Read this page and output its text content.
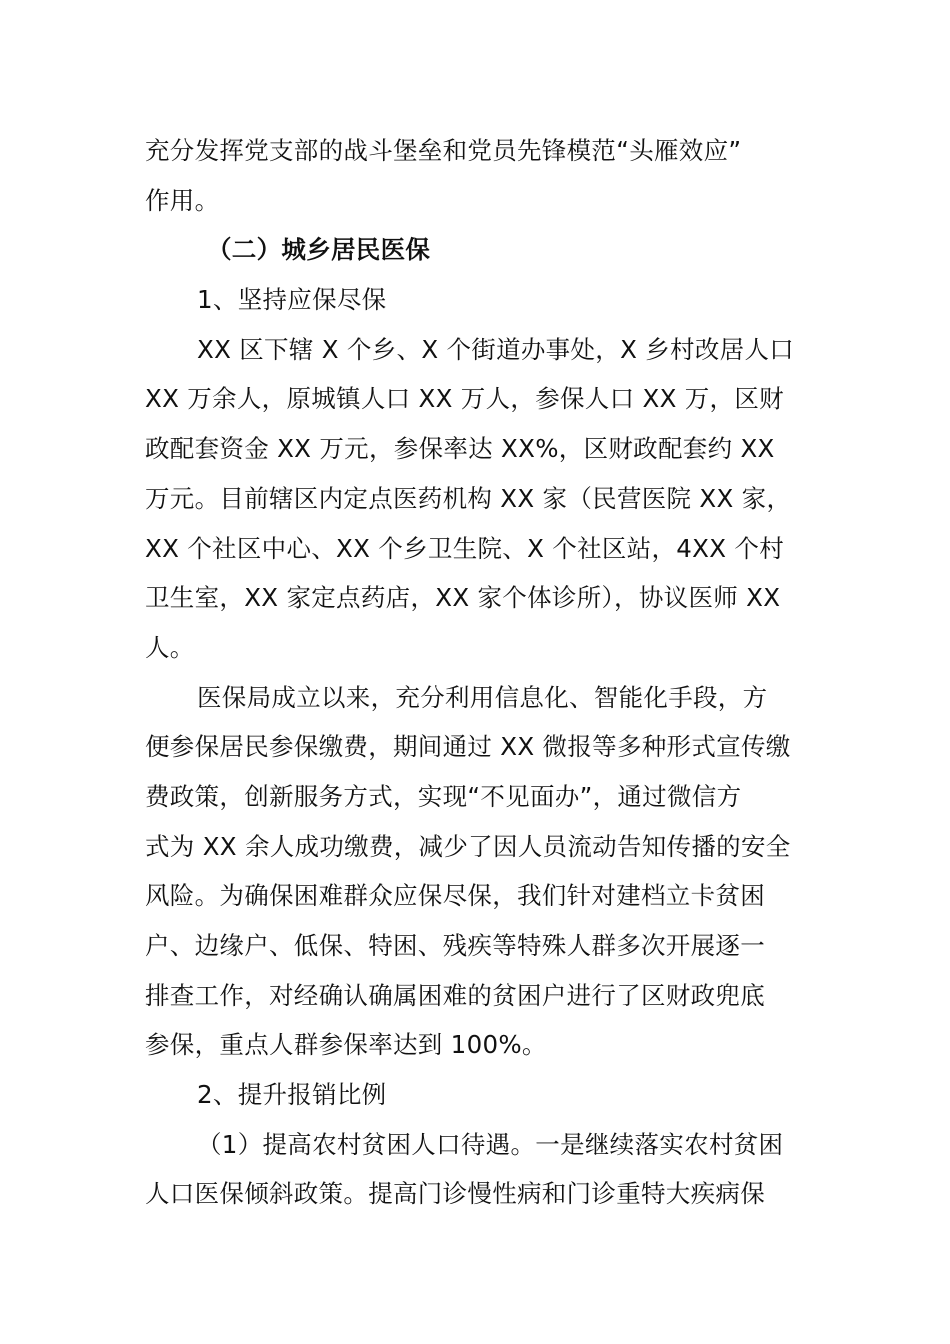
充分发挥党支部的战斗堡垒和党员先锋模范“头雁效应”
作用。
（二）城乡居民医保
1、坚持应保尽保
XX 区下辖 X 个乡、X 个街道办事处，X 乡村改居人口
XX 万余人，原城镇人口 XX 万人，参保人口 XX 万，区财
政配套资金 XX 万元，参保率达 XX%，区财政配套约 XX
万元。目前辖区内定点医药机构 XX 家（民营医院 XX 家，
XX 个社区中心、XX 个乡卫生院、X 个社区站，4XX 个村
卫生室，XX 家定点药店，XX 家个体诊所），协议医师 XX
人。
医保局成立以来，充分利用信息化、智能化手段，方
便参保居民参保缴费，期间通过 XX 微报等多种形式宣传缴
费政策，创新服务方式，实现“不见面办”，通过微信方
式为 XX 余人成功缴费，减少了因人员流动告知传播的安全
风险。为确保困难群众应保尽保，我们针对建档立卡贫困
户、边缘户、低保、特困、残疾等特殊人群多次开展逐一
排查工作，对经确认确属困难的贫困户进行了区财政兜底
参保，重点人群参保率达到 100%。
2、提升报销比例
（1）提高农村贫困人口待遇。一是继续落实农村贫困
人口医保倾斜政策。提高门诊慢性病和门诊重特大疾病保
